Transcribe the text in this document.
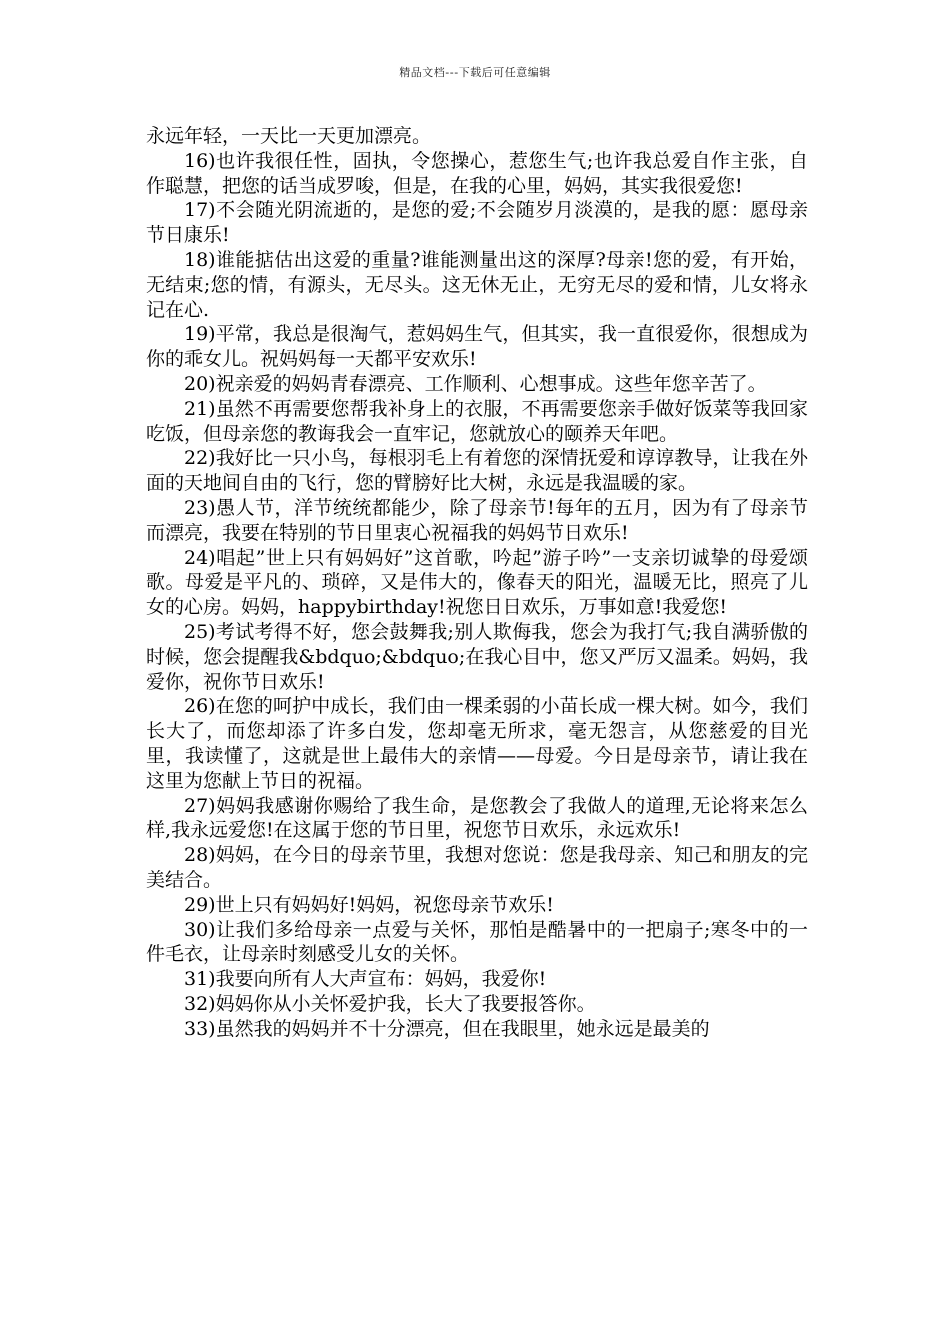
精品文档---下载后可任意编辑

永远年轻，一天比一天更加漂亮。

16)也许我很任性，固执，令您操心，惹您生气;也许我总爱自作主张，自作聪慧，把您的话当成罗唆，但是，在我的心里，妈妈，其实我很爱您!

17)不会随光阴流逝的，是您的爱;不会随岁月淡漠的，是我的愿：愿母亲节日康乐!

18)谁能掂估出这爱的重量?谁能测量出这的深厚?母亲!您的爱，有开始，无结束;您的情，有源头，无尽头。这无休无止，无穷无尽的爱和情，儿女将永记在心.

19)平常，我总是很淘气，惹妈妈生气，但其实，我一直很爱你，很想成为你的乖女儿。祝妈妈每一天都平安欢乐!

20)祝亲爱的妈妈青春漂亮、工作顺利、心想事成。这些年您辛苦了。

21)虽然不再需要您帮我补身上的衣服，不再需要您亲手做好饭菜等我回家吃饭，但母亲您的教诲我会一直牢记，您就放心的颐养天年吧。

22)我好比一只小鸟，每根羽毛上有着您的深情抚爱和谆谆教导，让我在外面的天地间自由的飞行，您的臂膀好比大树，永远是我温暖的家。

23)愚人节，洋节统统都能少，除了母亲节!每年的五月，因为有了母亲节而漂亮，我要在特别的节日里衷心祝福我的妈妈节日欢乐!

24)唱起”世上只有妈妈好”这首歌，吟起”游子吟”一支亲切诚挚的母爱颂歌。母爱是平凡的、琐碎，又是伟大的，像春天的阳光，温暖无比，照亮了儿女的心房。妈妈，happybirthday!祝您日日欢乐，万事如意!我爱您!

25)考试考得不好，您会鼓舞我;别人欺侮我，您会为我打气;我自满骄傲的时候，您会提醒我&bdquo;&bdquo;在我心目中，您又严厉又温柔。妈妈，我爱你，祝你节日欢乐!

26)在您的呵护中成长，我们由一棵柔弱的小苗长成一棵大树。如今，我们长大了，而您却添了许多白发，您却毫无所求，毫无怨言，从您慈爱的目光里，我读懂了，这就是世上最伟大的亲情——母爱。今日是母亲节，请让我在这里为您献上节日的祝福。

27)妈妈我感谢你赐给了我生命，是您教会了我做人的道理,无论将来怎么样,我永远爱您!在这属于您的节日里，祝您节日欢乐，永远欢乐!

28)妈妈，在今日的母亲节里，我想对您说：您是我母亲、知己和朋友的完美结合。

29)世上只有妈妈好!妈妈，祝您母亲节欢乐!

30)让我们多给母亲一点爱与关怀，那怕是酷暑中的一把扇子;寒冬中的一件毛衣，让母亲时刻感受儿女的关怀。

31)我要向所有人大声宣布：妈妈，我爱你!

32)妈妈你从小关怀爱护我，长大了我要报答你。

33)虽然我的妈妈并不十分漂亮，但在我眼里，她永远是最美的
